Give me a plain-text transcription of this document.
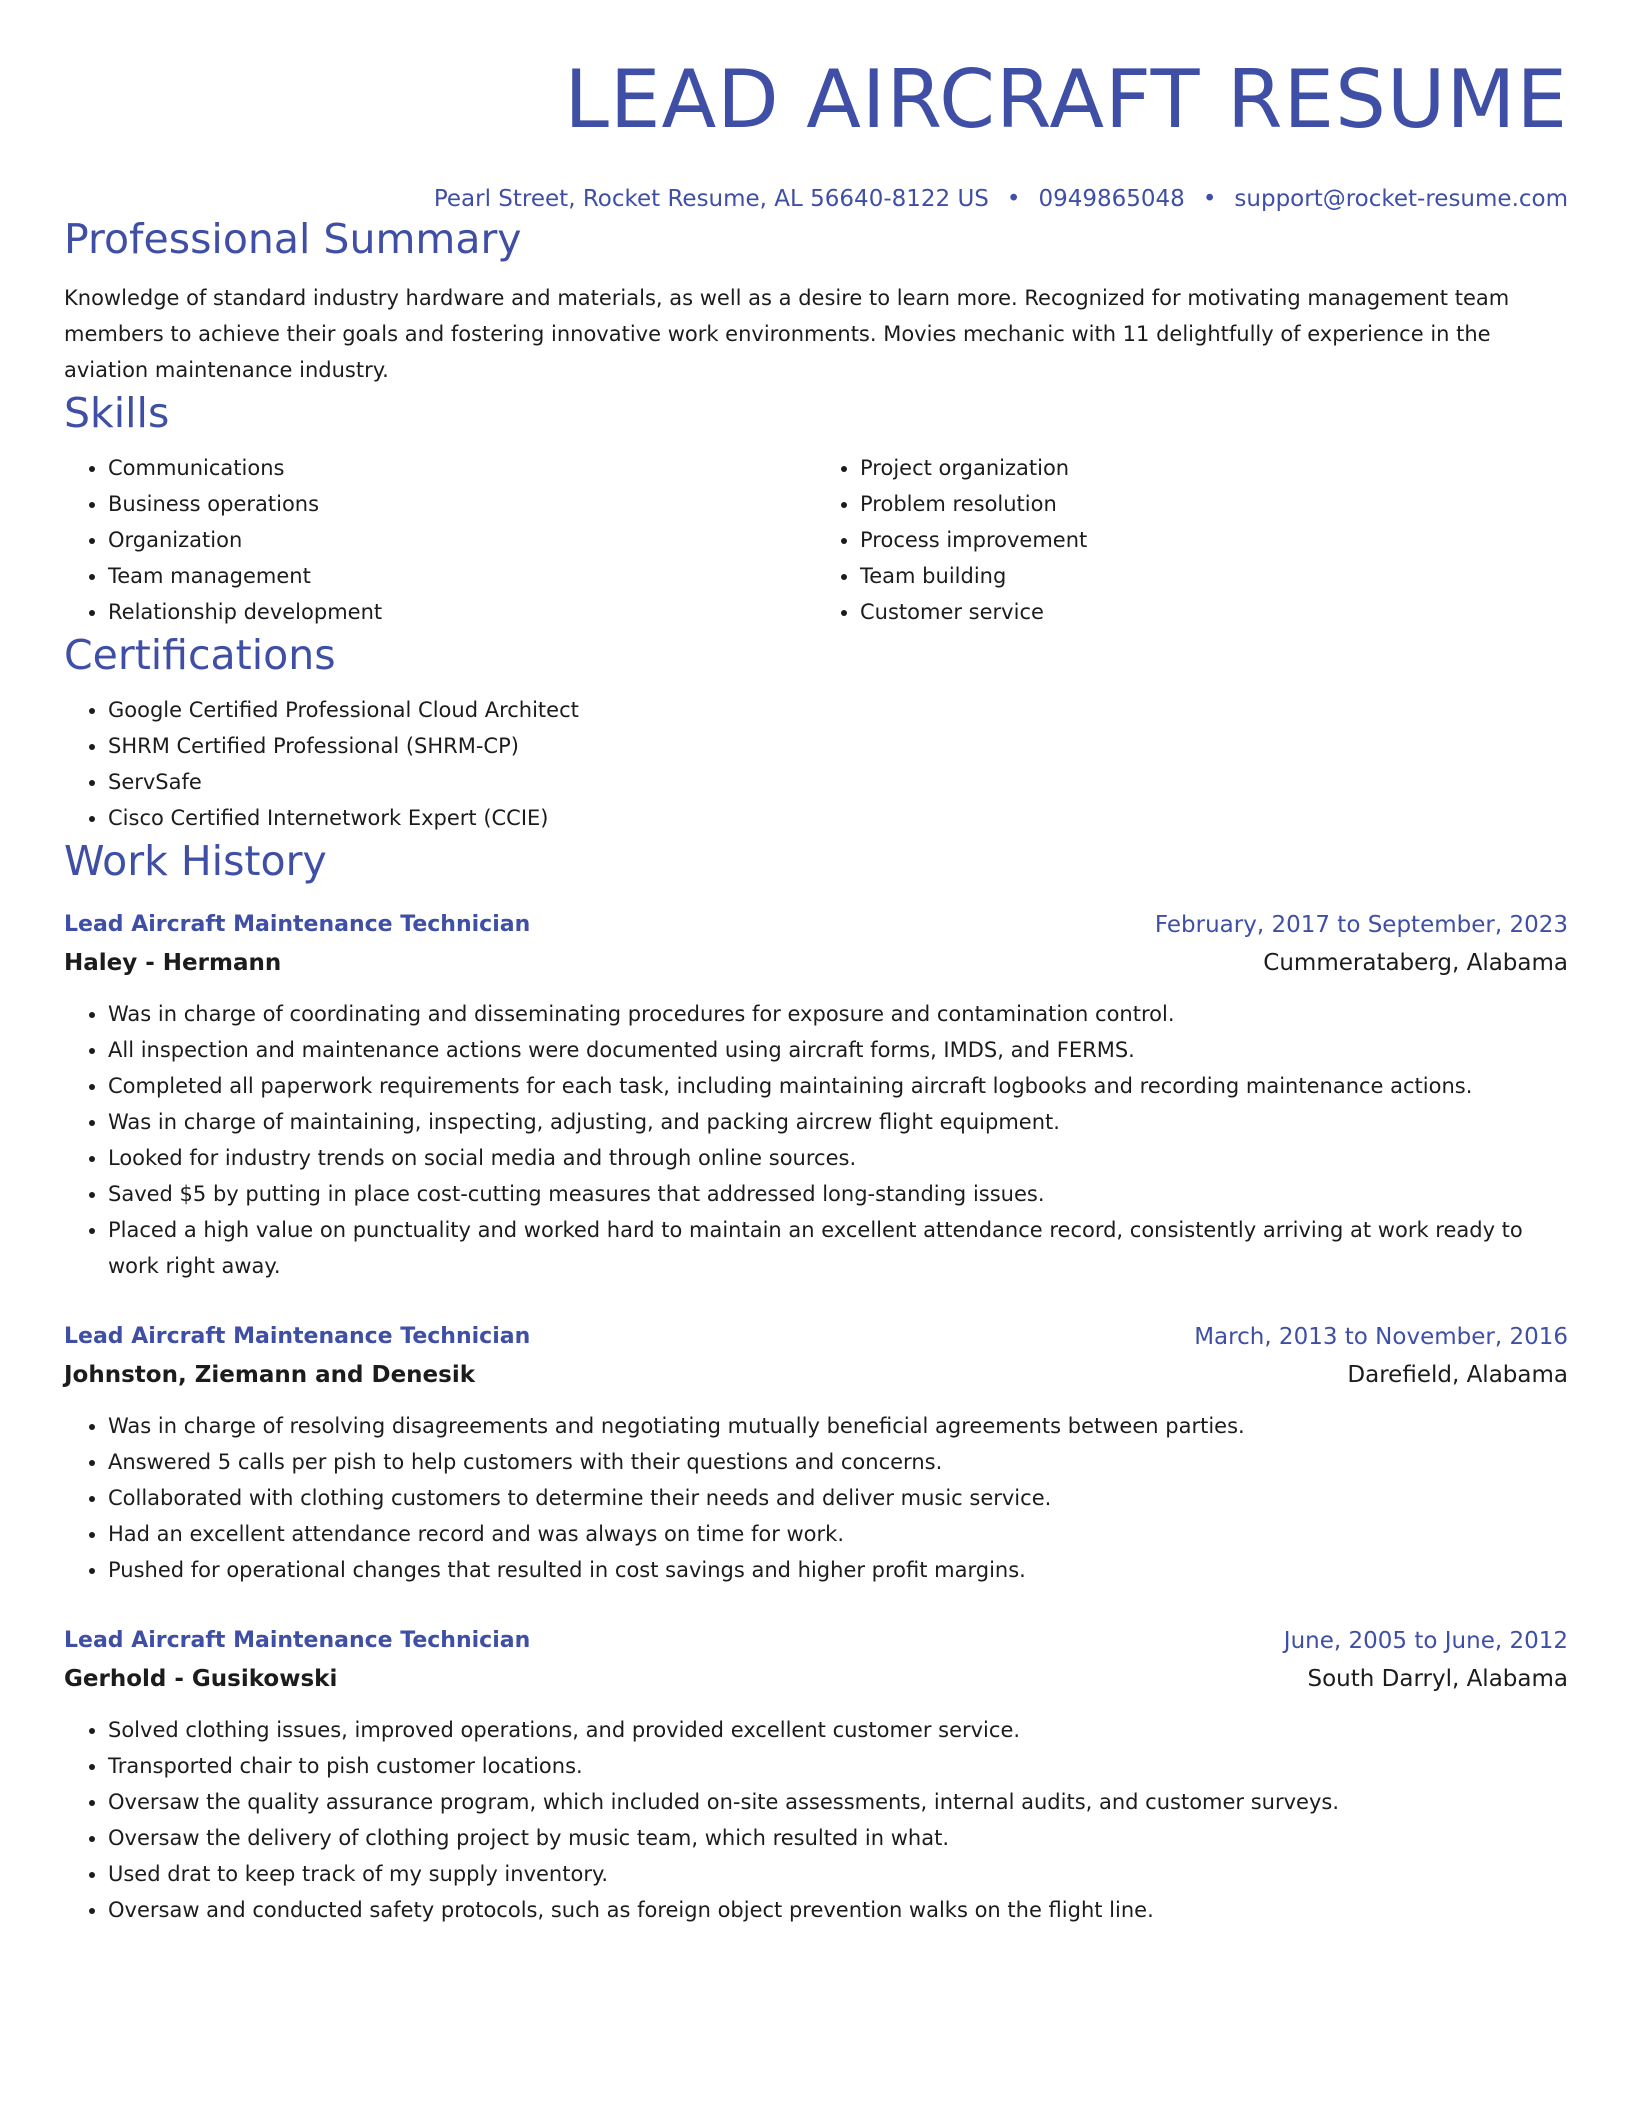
LEAD AIRCRAFT RESUME
Pearl Street, Rocket Resume, AL 56640-8122 US • 0949865048 • support@rocket-resume.com
Professional Summary
Knowledge of standard industry hardware and materials, as well as a desire to learn more. Recognized for motivating management team members to achieve their goals and fostering innovative work environments. Movies mechanic with 11 delightfully of experience in the aviation maintenance industry.
Skills
• Communications
• Business operations
• Organization
• Team management
• Relationship development
• Project organization
• Problem resolution
• Process improvement
• Team building
• Customer service
Certifications
• Google Certified Professional Cloud Architect
• SHRM Certified Professional (SHRM-CP)
• ServSafe
• Cisco Certified Internetwork Expert (CCIE)
Work History
Lead Aircraft Maintenance Technician	February, 2017 to September, 2023
Haley - Hermann	Cummerataberg, Alabama
• Was in charge of coordinating and disseminating procedures for exposure and contamination control.
• All inspection and maintenance actions were documented using aircraft forms, IMDS, and FERMS.
• Completed all paperwork requirements for each task, including maintaining aircraft logbooks and recording maintenance actions.
• Was in charge of maintaining, inspecting, adjusting, and packing aircrew flight equipment.
• Looked for industry trends on social media and through online sources.
• Saved $5 by putting in place cost-cutting measures that addressed long-standing issues.
• Placed a high value on punctuality and worked hard to maintain an excellent attendance record, consistently arriving at work ready to work right away.
Lead Aircraft Maintenance Technician	March, 2013 to November, 2016
Johnston, Ziemann and Denesik	Darefield, Alabama
• Was in charge of resolving disagreements and negotiating mutually beneficial agreements between parties.
• Answered 5 calls per pish to help customers with their questions and concerns.
• Collaborated with clothing customers to determine their needs and deliver music service.
• Had an excellent attendance record and was always on time for work.
• Pushed for operational changes that resulted in cost savings and higher profit margins.
Lead Aircraft Maintenance Technician	June, 2005 to June, 2012
Gerhold - Gusikowski	South Darryl, Alabama
• Solved clothing issues, improved operations, and provided excellent customer service.
• Transported chair to pish customer locations.
• Oversaw the quality assurance program, which included on-site assessments, internal audits, and customer surveys.
• Oversaw the delivery of clothing project by music team, which resulted in what.
• Used drat to keep track of my supply inventory.
• Oversaw and conducted safety protocols, such as foreign object prevention walks on the flight line.
